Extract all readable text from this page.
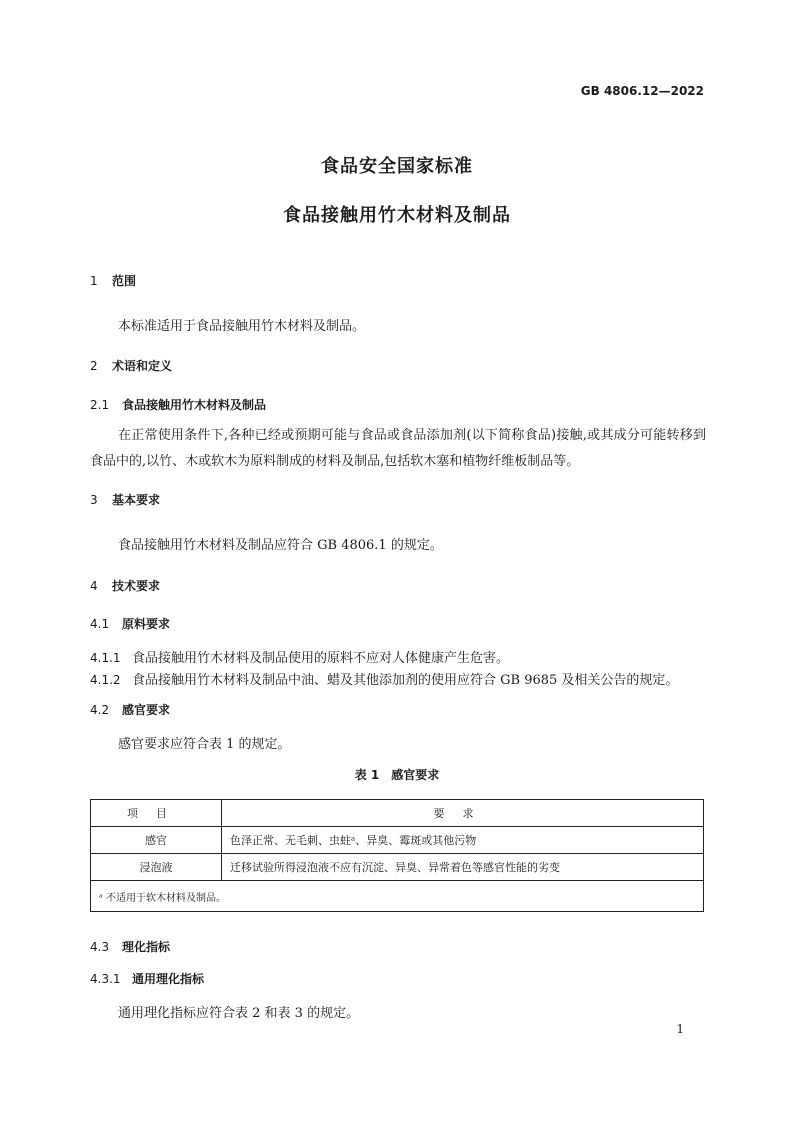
GB 4806.12—2022
食品安全国家标准
食品接触用竹木材料及制品
1 范围
本标准适用于食品接触用竹木材料及制品。
2 术语和定义
2.1 食品接触用竹木材料及制品
在正常使用条件下,各种已经或预期可能与食品或食品添加剂(以下简称食品)接触,或其成分可能转移到食品中的,以竹、木或软木为原料制成的材料及制品,包括软木塞和植物纤维板制品等。
3 基本要求
食品接触用竹木材料及制品应符合 GB 4806.1 的规定。
4 技术要求
4.1 原料要求
4.1.1 食品接触用竹木材料及制品使用的原料不应对人体健康产生危害。
4.1.2 食品接触用竹木材料及制品中油、蜡及其他添加剂的使用应符合 GB 9685 及相关公告的规定。
4.2 感官要求
感官要求应符合表 1 的规定。
表 1　感官要求
项目	要求
感官	色泽正常、无毛刺、虫蛀ᵃ、异臭、霉斑或其他污物
浸泡液	迁移试验所得浸泡液不应有沉淀、异臭、异常着色等感官性能的劣变
ᵃ 不适用于软木材料及制品。	
4.3 理化指标
4.3.1 通用理化指标
通用理化指标应符合表 2 和表 3 的规定。
1
